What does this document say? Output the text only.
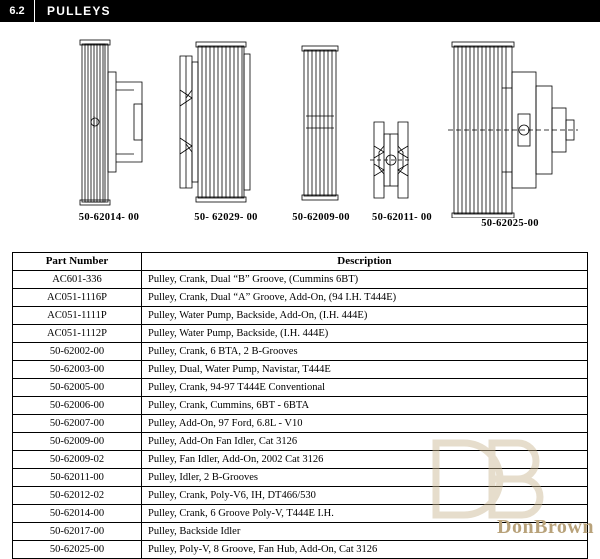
6.2	PULLEYS
50-62014- 00	50- 62029- 00	50-62009-00	50-62011- 00
50-62025-00
Part Number	Description
AC601-336	Pulley, Crank, Dual “B” Groove, (Cummins 6BT)
AC051-1116P	Pulley, Crank, Dual “A” Groove, Add-On, (94 I.H. T444E)
AC051-1111P	Pulley, Water Pump, Backside, Add-On, (I.H. 444E)
AC051-1112P	Pulley, Water Pump, Backside, (I.H. 444E)
50-62002-00	Pulley, Crank, 6 BTA, 2 B-Grooves
50-62003-00	Pulley, Dual, Water Pump, Navistar, T444E
50-62005-00	Pulley, Crank, 94-97 T444E Conventional
50-62006-00	Pulley, Crank, Cummins, 6BT - 6BTA
50-62007-00	Pulley, Add-On, 97 Ford, 6.8L - V10
50-62009-00	Pulley, Add-On Fan Idler, Cat 3126
50-62009-02	Pulley, Fan Idler, Add-On, 2002 Cat 3126
50-62011-00	Pulley, Idler, 2 B-Grooves
50-62012-02	Pulley, Crank, Poly-V6, IH, DT466/530
50-62014-00	Pulley, Crank, 6 Groove Poly-V, T444E I.H.
50-62017-00	Pulley, Backside Idler
50-62025-00	Pulley, Poly-V, 8 Groove, Fan Hub, Add-On, Cat 3126
DonBrown
